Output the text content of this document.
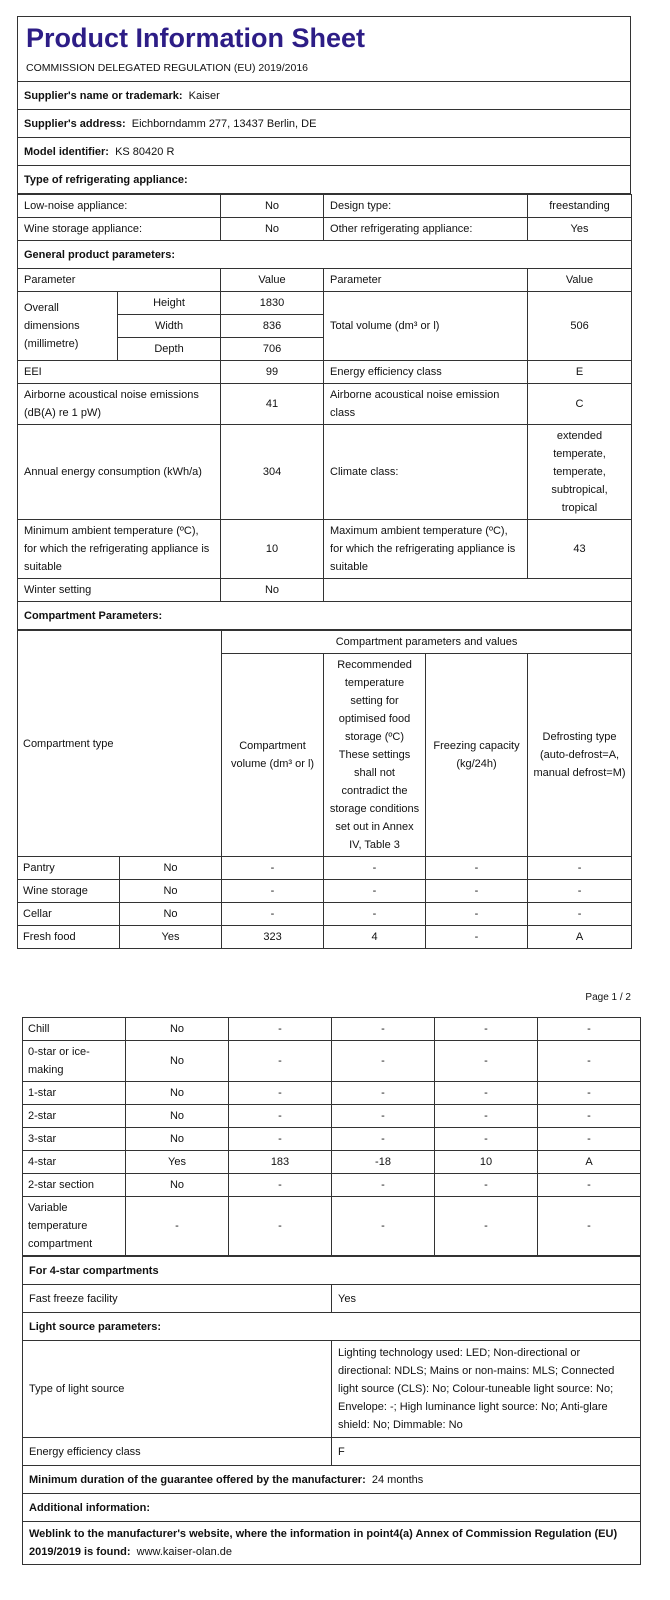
Product Information Sheet
COMMISSION DELEGATED REGULATION (EU) 2019/2016

Supplier's name or trademark: Kaiser
Supplier's address: Eichborndamm 277, 13437 Berlin, DE
Model identifier: KS 80420 R
Type of refrigerating appliance:
Low-noise appliance:		No	Design type:	freestanding
Wine storage appliance:		No	Other refrigerating appliance:	Yes
General product parameters:				
Parameter		Value	Parameter	Value
Overall dimensions (millimetre)	Height	1830	Total volume (dm³ or l)	506
	Width	836		
	Depth	706		
EEI		99	Energy efficiency class	E
Airborne acoustical noise emissions (dB(A) re 1 pW)		41	Airborne acoustical noise emission class	C
Annual energy consumption (kWh/a)		304	Climate class:	extended temperate, temperate, subtropical, tropical
Minimum ambient temperature (ºC), for which the refrigerating appliance is suitable		10	Maximum ambient temperature (ºC), for which the refrigerating appliance is suitable	43
Winter setting		No		
Compartment Parameters:				
Compartment type		Compartment parameters and values			
		Compartment volume (dm³ or l)	Recommended temperature setting for optimised food storage (ºC) These settings shall not contradict the storage conditions set out in Annex IV, Table 3	Freezing capacity (kg/24h)	Defrosting type (auto-defrost=A, manual defrost=M)
Pantry	No	-	-	-	-
Wine storage	No	-	-	-	-
Cellar	No	-	-	-	-
Fresh food	Yes	323	4	-	A
Page 1 / 2
Chill	No	-	-	-	-
0-star or ice-making	No	-	-	-	-
1-star	No	-	-	-	-
2-star	No	-	-	-	-
3-star	No	-	-	-	-
4-star	Yes	183	-18	10	A
2-star section	No	-	-	-	-
Variable temperature compartment	-	-	-	-	-
For 4-star compartments	
Fast freeze facility	Yes
Light source parameters:	
Type of light source	Lighting technology used: LED; Non-directional or directional: NDLS; Mains or non-mains: MLS; Connected light source (CLS): No; Colour-tuneable light source: No; Envelope: -; High luminance light source: No; Anti-glare shield: No; Dimmable: No
Energy efficiency class	F
Minimum duration of the guarantee offered by the manufacturer: 24 months	
Additional information:	
Weblink to the manufacturer's website, where the information in point4(a) Annex of Commission Regulation (EU) 2019/2019 is found: www.kaiser-olan.de	
